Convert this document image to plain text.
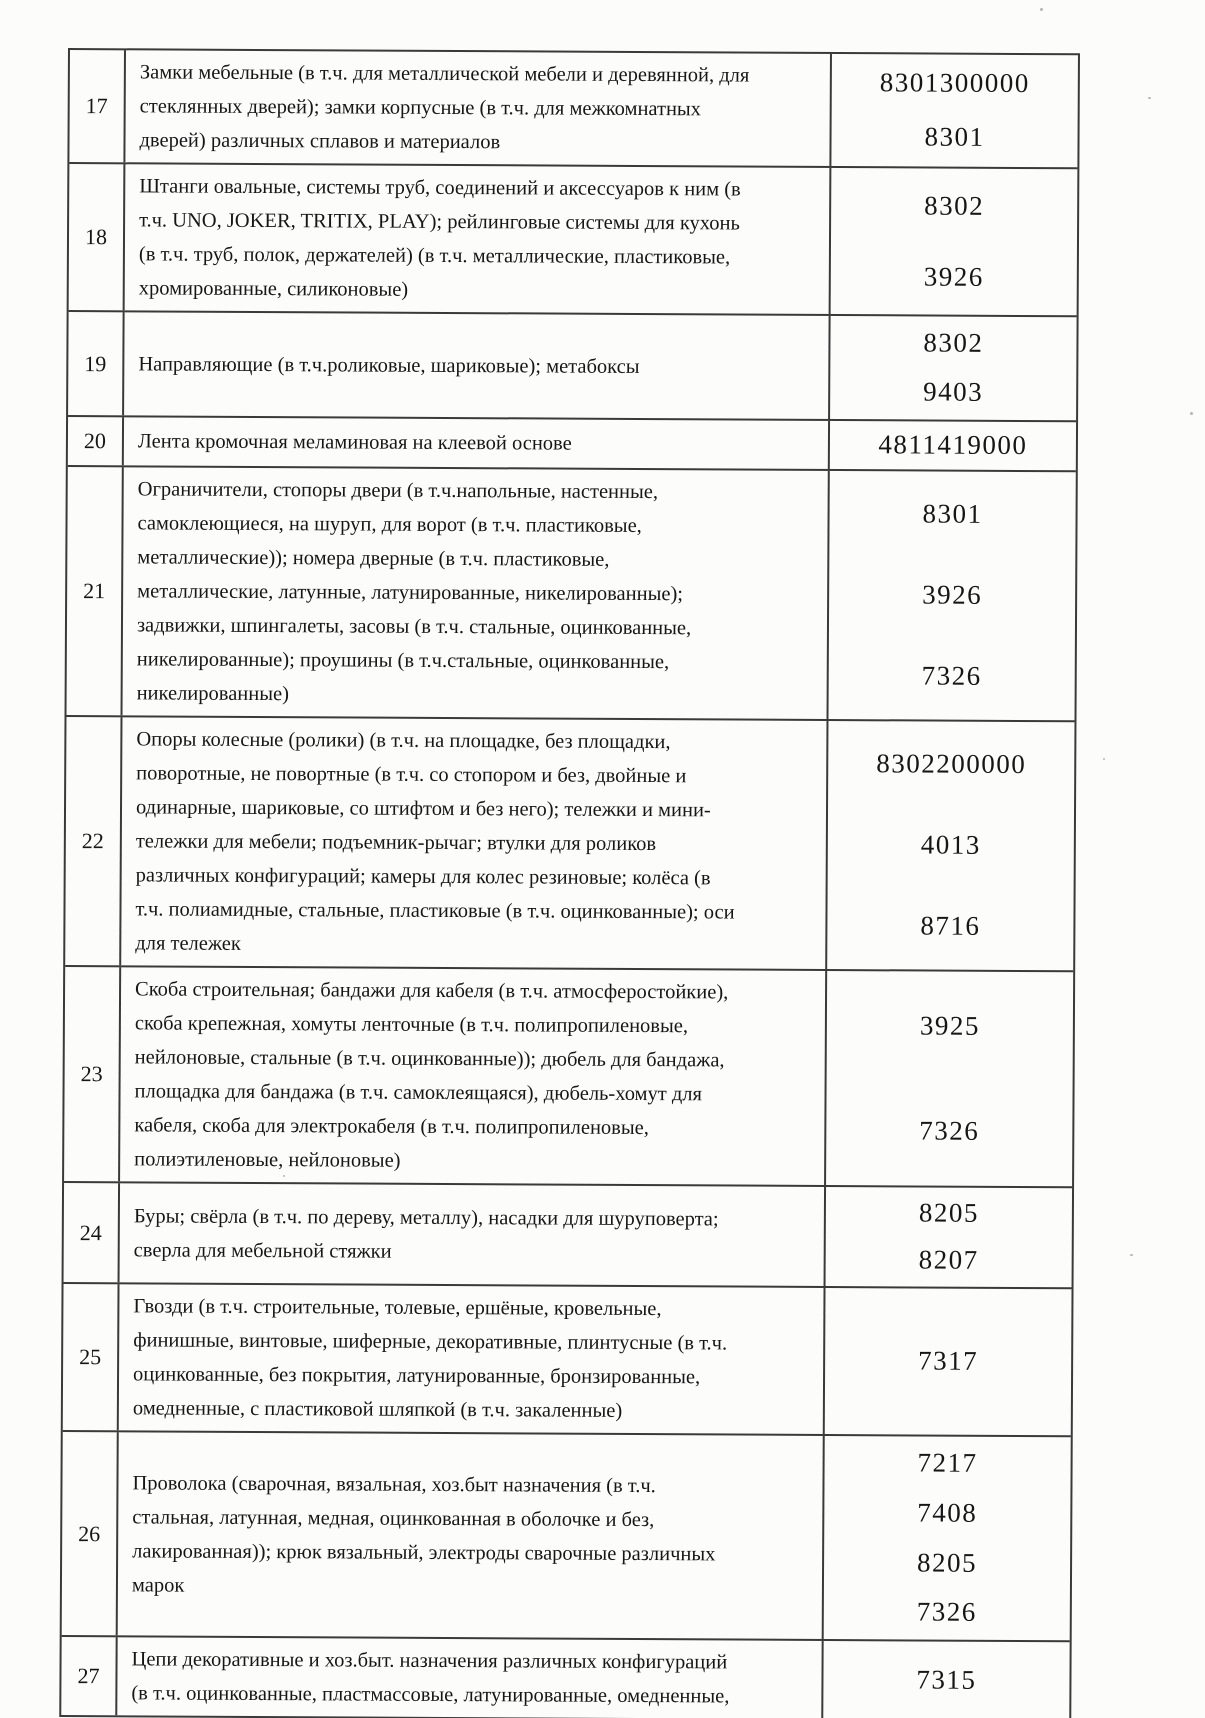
17
Замки мебельные (в т.ч. для металлической мебели и деревянной, для
стеклянных дверей); замки корпусные (в т.ч. для межкомнатных
дверей) различных сплавов и материалов
8301300000
8301
18
Штанги овальные, системы труб, соединений и аксессуаров к ним (в
т.ч. UNO, JOKER, TRITIX, PLAY); рейлинговые системы для кухонь
(в т.ч. труб, полок, держателей) (в т.ч. металлические, пластиковые,
хромированные, силиконовые)
8302
3926
19 Направляющие (в т.ч.роликовые, шариковые); метабоксы
8302
9403
20 Лента кромочная меламиновая на клеевой основе	4811419000
21
Ограничители, стопоры двери (в т.ч.напольные, настенные,
самоклеющиеся, на шуруп, для ворот (в т.ч. пластиковые,
металлические)); номера дверные (в т.ч. пластиковые,
металлические, латунные, латунированные, никелированные);
задвижки, шпингалеты, засовы (в т.ч. стальные, оцинкованные,
никелированные); проушины (в т.ч.стальные, оцинкованные,
никелированные)
8301
3926
7326
22
Опоры колесные (ролики) (в т.ч. на площадке, без площадки,
поворотные, не повортные (в т.ч. со стопором и без, двойные и
одинарные, шариковые, со штифтом и без него); тележки и мини-
тележки для мебели; подъемник-рычаг; втулки для роликов
различных конфигураций; камеры для колес резиновые; колёса (в
т.ч. полиамидные, стальные, пластиковые (в т.ч. оцинкованные); оси
для тележек
8302200000
4013
8716
23
Скоба строительная; бандажи для кабеля (в т.ч. атмосферостойкие),
скоба крепежная, хомуты ленточные (в т.ч. полипропиленовые,
нейлоновые, стальные (в т.ч. оцинкованные)); дюбель для бандажа,
площадка для бандажа (в т.ч. самоклеящаяся), дюбель-хомут для
кабеля, скоба для электрокабеля (в т.ч. полипропиленовые,
полиэтиленовые, нейлоновые)
3925
7326
24
Буры; свёрла (в т.ч. по дереву, металлу), насадки для шуруповерта;
сверла для мебельной стяжки
8205
8207
25
Гвозди (в т.ч. строительные, толевые, ершёные, кровельные,
финишные, винтовые, шиферные, декоративные, плинтусные (в т.ч.
оцинкованные, без покрытия, латунированные, бронзированные,
омедненные, с пластиковой шляпкой (в т.ч. закаленные)
7317
26
Проволока (сварочная, вязальная, хоз.быт назначения (в т.ч.
стальная, латунная, медная, оцинкованная в оболочке и без,
лакированная)); крюк вязальный, электроды сварочные различных
марок
7217
7408
8205
7326
27
Цепи декоративные и хоз.быт. назначения различных конфигураций
(в т.ч. оцинкованные, пластмассовые, латунированные, омедненные,	7315
